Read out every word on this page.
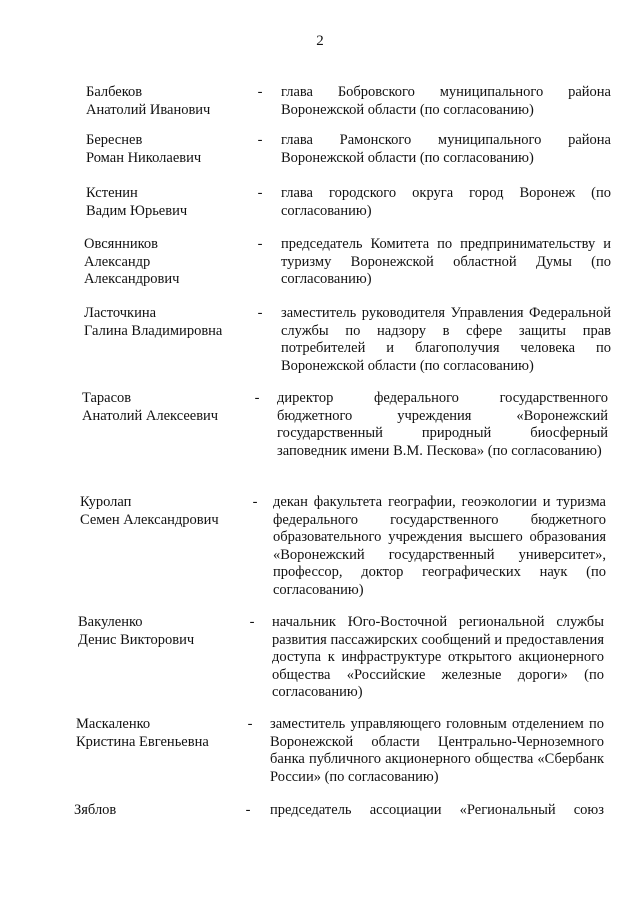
2
Балбеков
Анатолий Иванович
- глава Бобровского муниципального района Воронежской области (по согласованию)
Береснев
Роман Николаевич
- глава Рамонского муниципального района Воронежской области (по согласованию)
Кстенин
Вадим Юрьевич
- глава городского округа город Воронеж (по согласованию)
Овсянников
Александр
Александрович
- председатель Комитета по предпринимательству и туризму Воронежской областной Думы (по согласованию)
Ласточкина
Галина Владимировна
- заместитель руководителя Управления Федеральной службы по надзору в сфере защиты прав потребителей и благополучия человека по Воронежской области (по согласованию)
Тарасов
Анатолий Алексеевич
- директор федерального государственного бюджетного учреждения «Воронежский государственный природный биосферный заповедник имени В.М. Пескова» (по согласованию)
Куролап
Семен Александрович
- декан факультета географии, геоэкологии и туризма федерального государственного бюджетного образовательного учреждения высшего образования «Воронежский государственный университет», профессор, доктор географических наук (по согласованию)
Вакуленко
Денис Викторович
- начальник Юго-Восточной региональной службы развития пассажирских сообщений и предоставления доступа к инфраструктуре открытого акционерного общества «Российские железные дороги» (по согласованию)
Маскаленко
Кристина Евгеньевна
- заместитель управляющего головным отделением по Воронежской области Центрально-Черноземного банка публичного акционерного общества «Сбербанк России» (по согласованию)
Зяблов	- председатель ассоциации «Региональный союз
